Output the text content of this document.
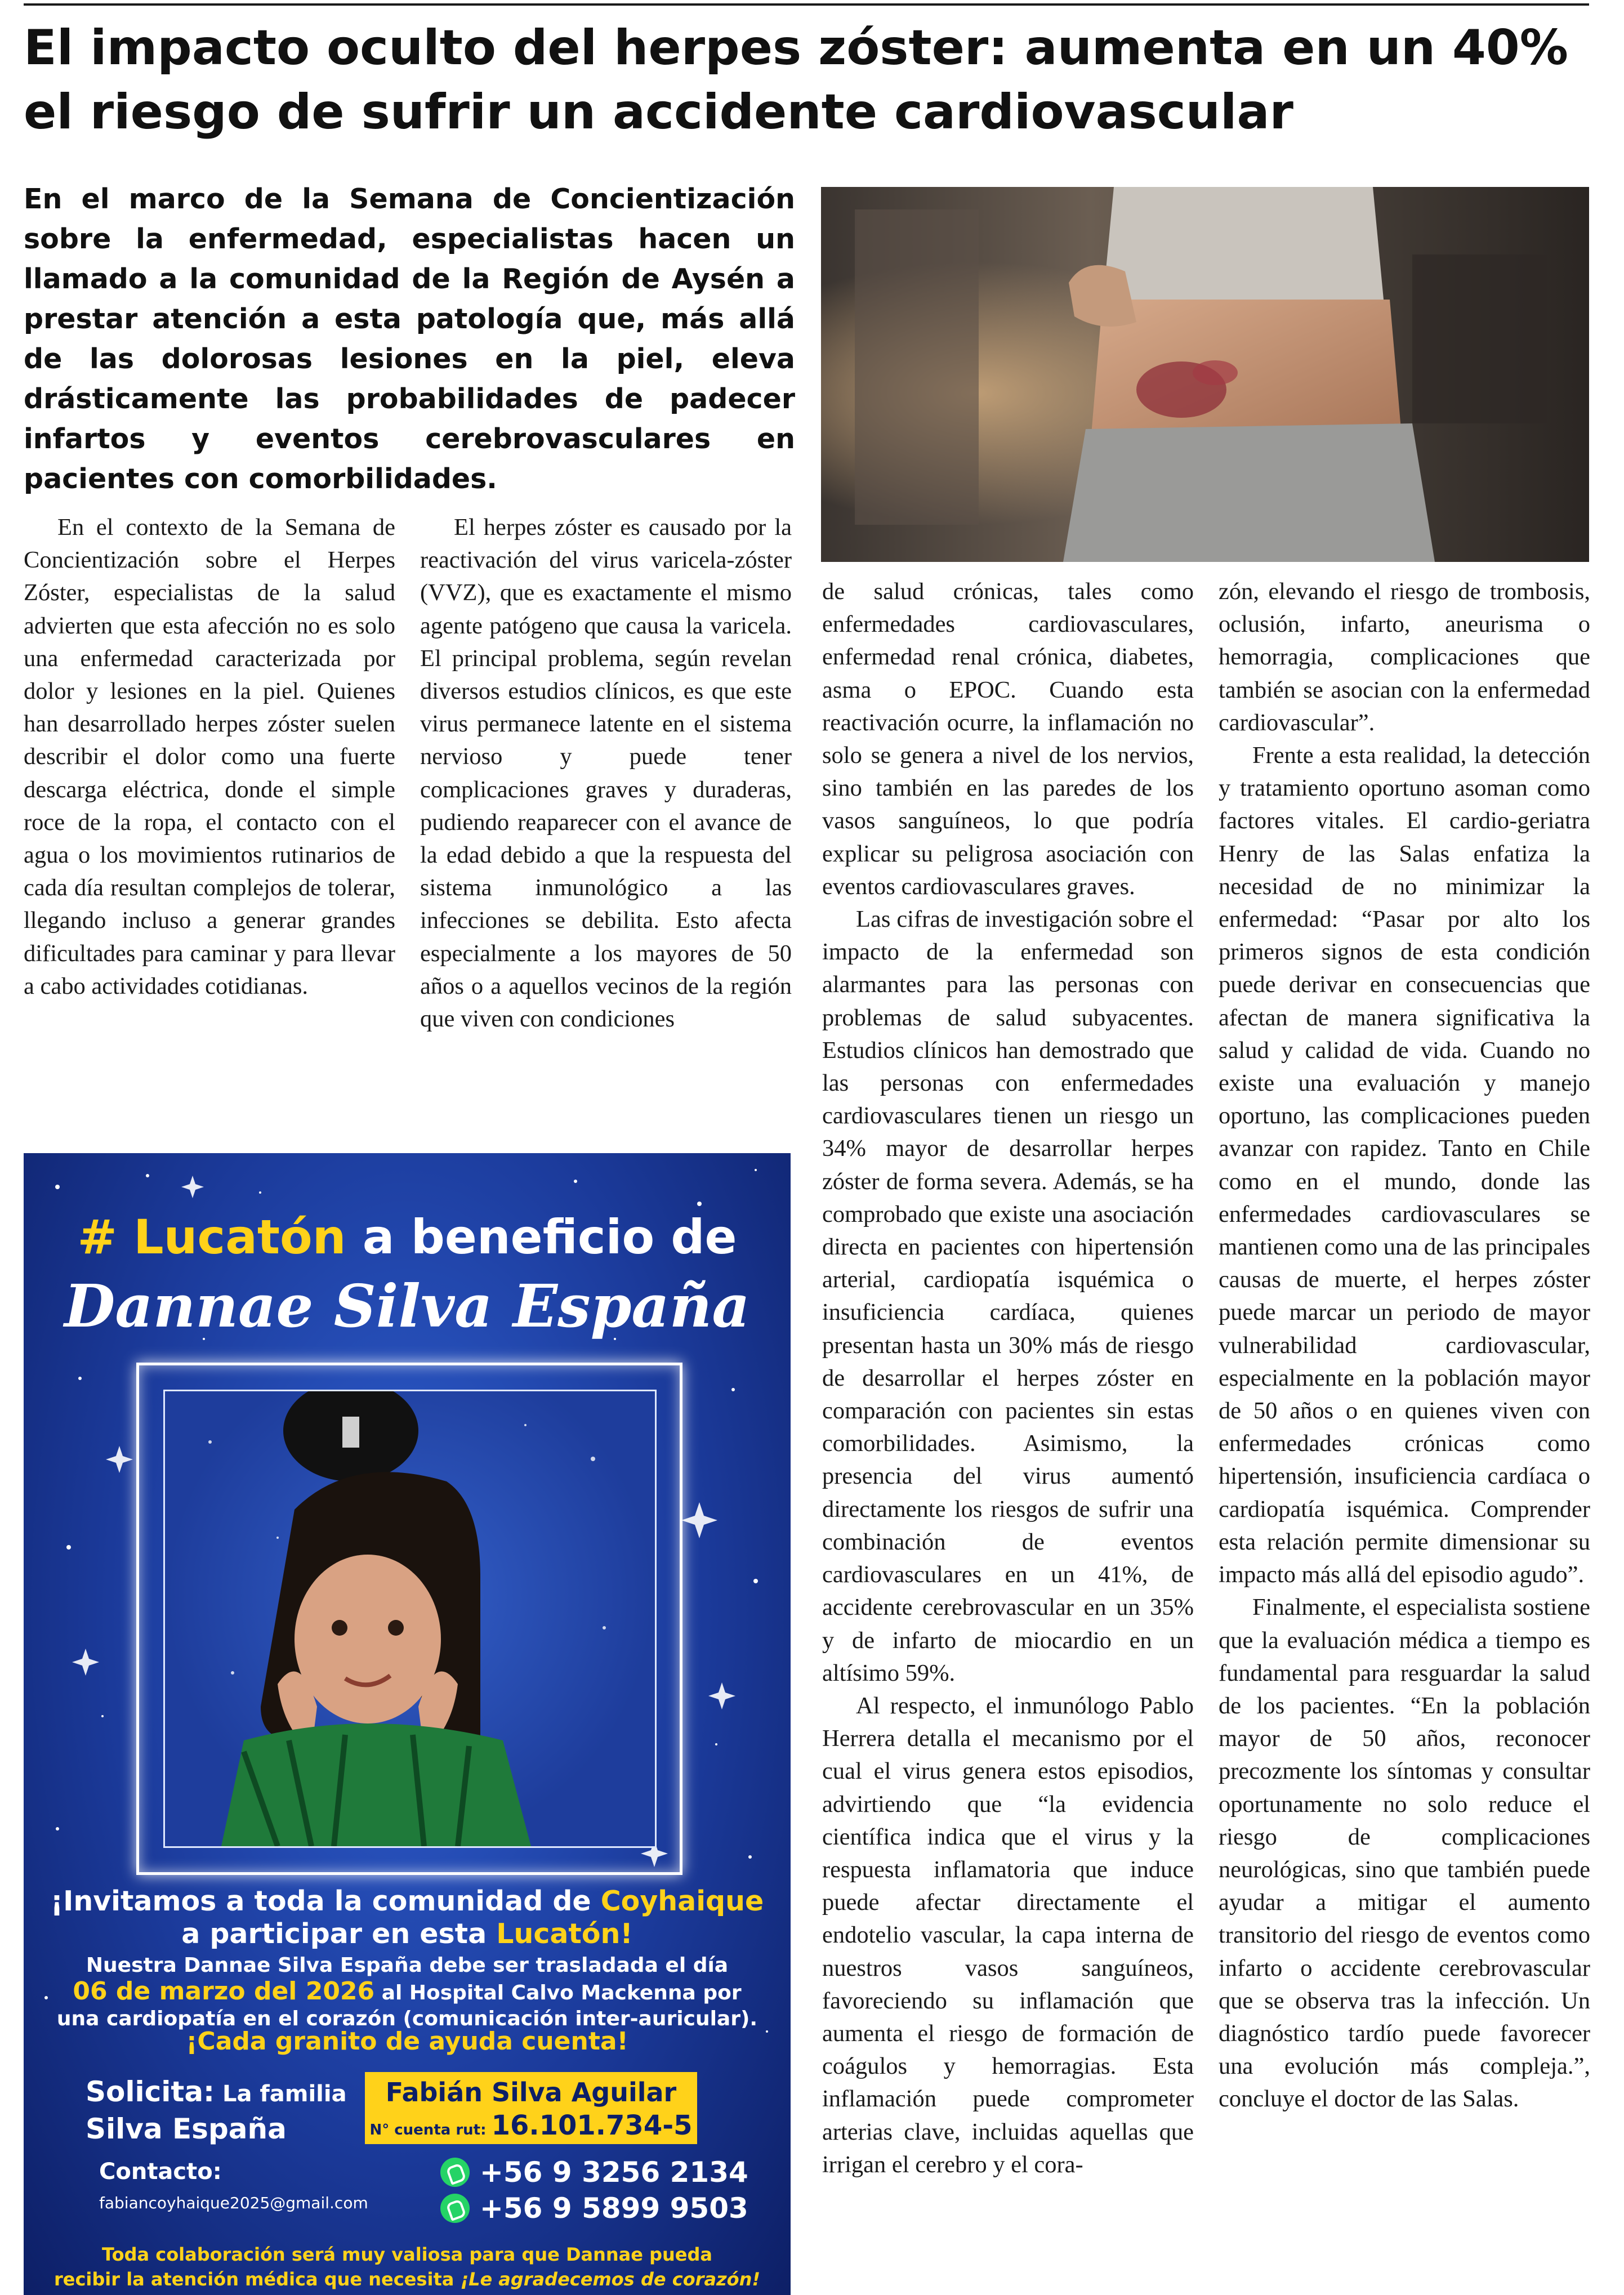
El impacto oculto del herpes zóster: aumenta en un 40% el riesgo de sufrir un accidente cardiovascular

En el marco de la Semana de Concientización sobre la enfermedad, especialistas hacen un llamado a la comunidad de la Región de Aysén a prestar atención a esta patología que, más allá de las dolorosas lesiones en la piel, eleva drásticamente las probabilidades de padecer infartos y eventos cerebrovasculares en pacientes con comorbilidades.

En el contexto de la Semana de Concientización sobre el Herpes Zóster, especialistas de la salud advierten que esta afección no es solo una enfermedad caracterizada por dolor y lesiones en la piel. Quienes han desarrollado herpes zóster suelen describir el dolor como una fuerte descarga eléctrica, donde el simple roce de la ropa, el contacto con el agua o los movimientos rutinarios de cada día resultan complejos de tolerar, llegando incluso a generar grandes dificultades para caminar y para llevar a cabo actividades cotidianas.

El herpes zóster es causado por la reactivación del virus varicela-zóster (VVZ), que es exactamente el mismo agente patógeno que causa la varicela. El principal problema, según revelan diversos estudios clínicos, es que este virus permanece latente en el sistema nervioso y puede tener complicaciones graves y duraderas, pudiendo reaparecer con el avance de la edad debido a que la respuesta del sistema inmunológico a las infecciones se debilita. Esto afecta especialmente a los mayores de 50 años o a aquellos vecinos de la región que viven con condiciones

de salud crónicas, tales como enfermedades cardiovasculares, enfermedad renal crónica, diabetes, asma o EPOC. Cuando esta reactivación ocurre, la inflamación no solo se genera a nivel de los nervios, sino también en las paredes de los vasos sanguíneos, lo que podría explicar su peligrosa asociación con eventos cardiovasculares graves.

Las cifras de investigación sobre el impacto de la enfermedad son alarmantes para las personas con problemas de salud subyacentes. Estudios clínicos han demostrado que las personas con enfermedades cardiovasculares tienen un riesgo un 34% mayor de desarrollar herpes zóster de forma severa. Además, se ha comprobado que existe una asociación directa en pacientes con hipertensión arterial, cardiopatía isquémica o insuficiencia cardíaca, quienes presentan hasta un 30% más de riesgo de desarrollar el herpes zóster en comparación con pacientes sin estas comorbilidades. Asimismo, la presencia del virus aumentó directamente los riesgos de sufrir una combinación de eventos cardiovasculares en un 41%, de accidente cerebrovascular en un 35% y de infarto de miocardio en un altísimo 59%.

Al respecto, el inmunólogo Pablo Herrera detalla el mecanismo por el cual el virus genera estos episodios, advirtiendo que “la evidencia científica indica que el virus y la respuesta inflamatoria que induce puede afectar directamente el endotelio vascular, la capa interna de nuestros vasos sanguíneos, favoreciendo su inflamación que aumenta el riesgo de formación de coágulos y hemorragias. Esta inflamación puede comprometer arterias clave, incluidas aquellas que irrigan el cerebro y el cora-

zón, elevando el riesgo de trombosis, oclusión, infarto, aneurisma o hemorragia, complicaciones que también se asocian con la enfermedad cardiovascular”.

Frente a esta realidad, la detección y tratamiento oportuno asoman como factores vitales. El cardio-geriatra Henry de las Salas enfatiza la necesidad de no minimizar la enfermedad: “Pasar por alto los primeros signos de esta condición puede derivar en consecuencias que afectan de manera significativa la salud y calidad de vida. Cuando no existe una evaluación y manejo oportuno, las complicaciones pueden avanzar con rapidez. Tanto en Chile como en el mundo, donde las enfermedades cardiovasculares se mantienen como una de las principales causas de muerte, el herpes zóster puede marcar un periodo de mayor vulnerabilidad cardiovascular, especialmente en la población mayor de 50 años o en quienes viven con enfermedades crónicas como hipertensión, insuficiencia cardíaca o cardiopatía isquémica. Comprender esta relación permite dimensionar su impacto más allá del episodio agudo”.

Finalmente, el especialista sostiene que la evaluación médica a tiempo es fundamental para resguardar la salud de los pacientes. “En la población mayor de 50 años, reconocer precozmente los síntomas y consultar oportunamente no solo reduce el riesgo de complicaciones neurológicas, sino que también puede ayudar a mitigar el aumento transitorio del riesgo de eventos como infarto o accidente cerebrovascular que se observa tras la infección. Un diagnóstico tardío puede favorecer una evolución más compleja.”, concluye el doctor de las Salas.

# Lucatón a beneficio de

Dannae Silva España

¡Invitamos a toda la comunidad de Coyhaique
a participar en esta Lucatón!

Nuestra Dannae Silva España debe ser trasladada el día
06 de marzo del 2026 al Hospital Calvo Mackenna por
una cardiopatía en el corazón (comunicación inter-auricular).

¡Cada granito de ayuda cuenta!

Solicita: La familia
Silva España

Fabián Silva Aguilar
N° cuenta rut: 16.101.734-5

Contacto:

fabiancoyhaique2025@gmail.com

+56 9 3256 2134
+56 9 5899 9503

Toda colaboración será muy valiosa para que Dannae pueda
recibir la atención médica que necesita ¡Le agradecemos de corazón!
